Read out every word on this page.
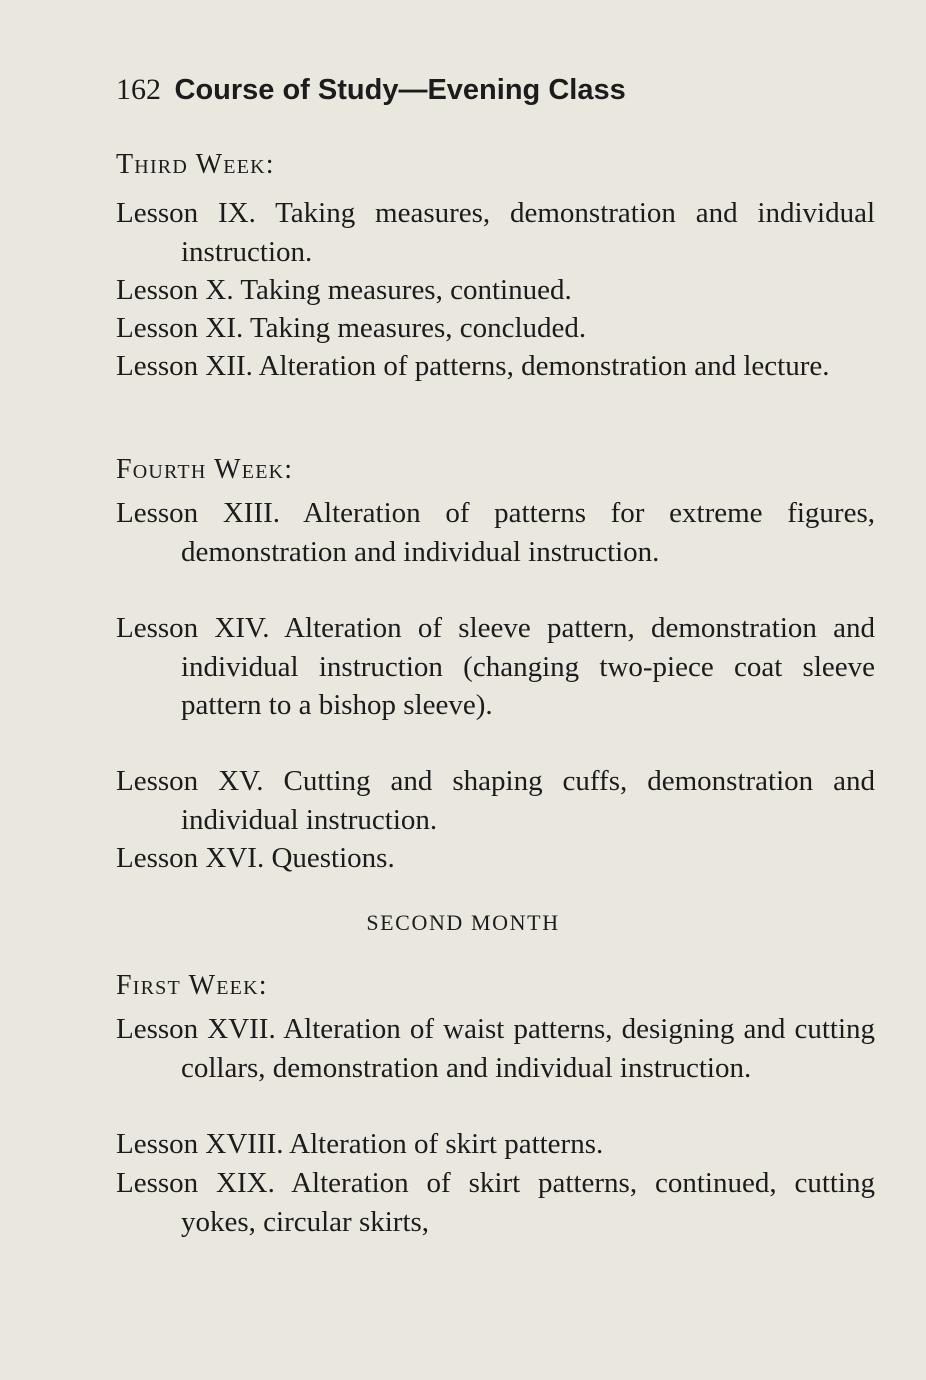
162 Course of Study—Evening Class
Third Week:
Lesson IX. Taking measures, demonstration and individual instruction.
Lesson X. Taking measures, continued.
Lesson XI. Taking measures, concluded.
Lesson XII. Alteration of patterns, demonstration and lecture.
Fourth Week:
Lesson XIII. Alteration of patterns for extreme figures, demonstration and individual instruction.
Lesson XIV. Alteration of sleeve pattern, demonstration and individual instruction (changing two-piece coat sleeve pattern to a bishop sleeve).
Lesson XV. Cutting and shaping cuffs, demonstration and individual instruction.
Lesson XVI. Questions.
SECOND MONTH
First Week:
Lesson XVII. Alteration of waist patterns, designing and cutting collars, demonstration and individual instruction.
Lesson XVIII. Alteration of skirt patterns.
Lesson XIX. Alteration of skirt patterns, continued, cutting yokes, circular skirts,
